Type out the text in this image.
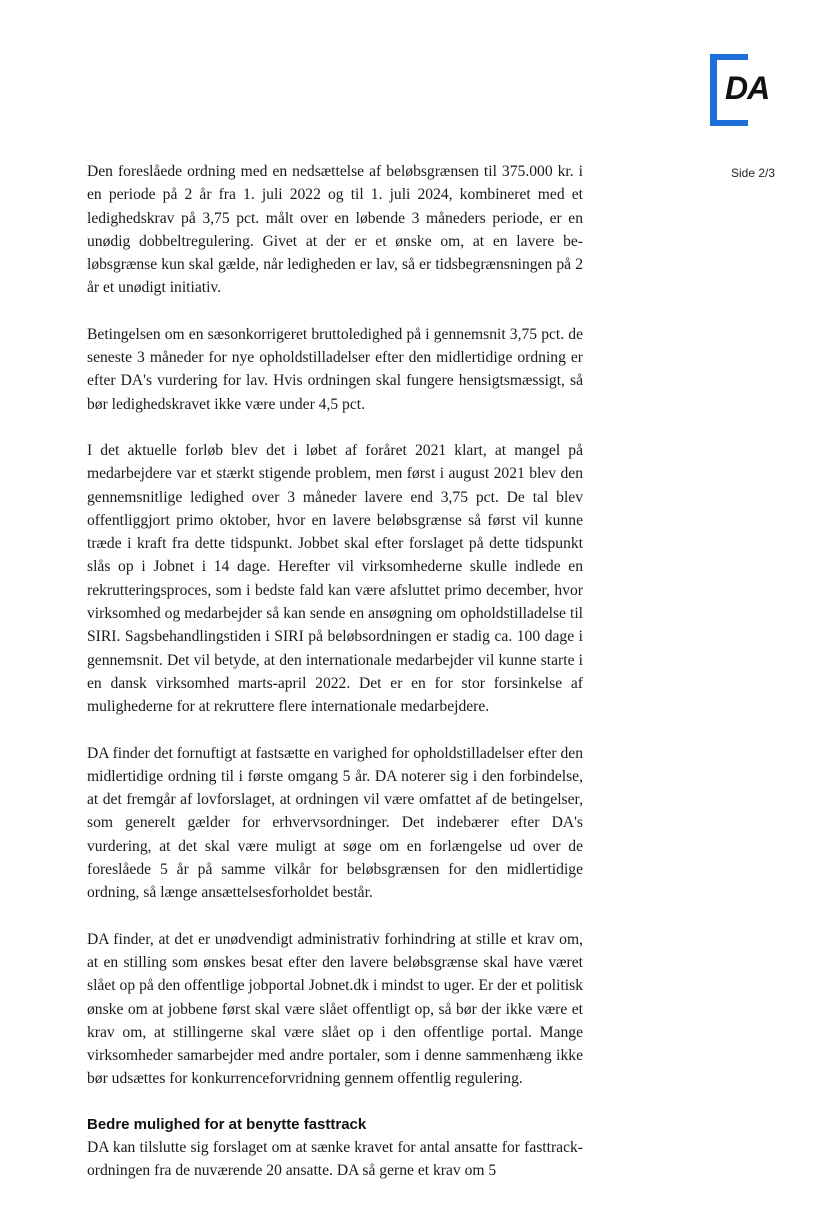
DA
Side 2/3

Den foreslåede ordning med en nedsættelse af beløbsgrænsen til 375.000 kr. i en periode på 2 år fra 1. juli 2022 og til 1. juli 2024, kombineret med et ledighedskrav på 3,75 pct. målt over en løbende 3 måneders periode, er en unødig dobbeltregulering. Givet at der er et ønske om, at en lavere beløbsgrænse kun skal gælde, når ledigheden er lav, så er tidsbegrænsningen på 2 år et unødigt initiativ.

Betingelsen om en sæsonkorrigeret bruttoledighed på i gennemsnit 3,75 pct. de seneste 3 måneder for nye opholdstilladelser efter den midlertidige ordning er efter DA's vurdering for lav. Hvis ordningen skal fungere hensigtsmæssigt, så bør ledighedskravet ikke være under 4,5 pct.

I det aktuelle forløb blev det i løbet af foråret 2021 klart, at mangel på medarbejdere var et stærkt stigende problem, men først i august 2021 blev den gennemsnitlige ledighed over 3 måneder lavere end 3,75 pct. De tal blev offentliggjort primo oktober, hvor en lavere beløbsgrænse så først vil kunne træde i kraft fra dette tidspunkt. Jobbet skal efter forslaget på dette tidspunkt slås op i Jobnet i 14 dage. Herefter vil virksomhederne skulle indlede en rekrutteringsproces, som i bedste fald kan være afsluttet primo december, hvor virksomhed og medarbejder så kan sende en ansøgning om opholdstilladelse til SIRI. Sagsbehandlingstiden i SIRI på beløbsordningen er stadig ca. 100 dage i gennemsnit. Det vil betyde, at den internationale medarbejder vil kunne starte i en dansk virksomhed marts-april 2022. Det er en for stor forsinkelse af mulighederne for at rekruttere flere internationale medarbejdere.

DA finder det fornuftigt at fastsætte en varighed for opholdstilladelser efter den midlertidige ordning til i første omgang 5 år. DA noterer sig i den forbindelse, at det fremgår af lovforslaget, at ordningen vil være omfattet af de betingelser, som generelt gælder for erhvervsordninger. Det indebærer efter DA's vurdering, at det skal være muligt at søge om en forlængelse ud over de foreslåede 5 år på samme vilkår for beløbsgrænsen for den midlertidige ordning, så længe ansættelsesforholdet består.

DA finder, at det er unødvendigt administrativ forhindring at stille et krav om, at en stilling som ønskes besat efter den lavere beløbsgrænse skal have været slået op på den offentlige jobportal Jobnet.dk i mindst to uger. Er der et politisk ønske om at jobbene først skal være slået offentligt op, så bør der ikke være et krav om, at stillingerne skal være slået op i den offentlige portal. Mange virksomheder samarbejder med andre portaler, som i denne sammenhæng ikke bør udsættes for konkurrenceforvridning gennem offentlig regulering.

Bedre mulighed for at benytte fasttrack

DA kan tilslutte sig forslaget om at sænke kravet for antal ansatte for fasttrack-ordningen fra de nuværende 20 ansatte. DA så gerne et krav om 5
